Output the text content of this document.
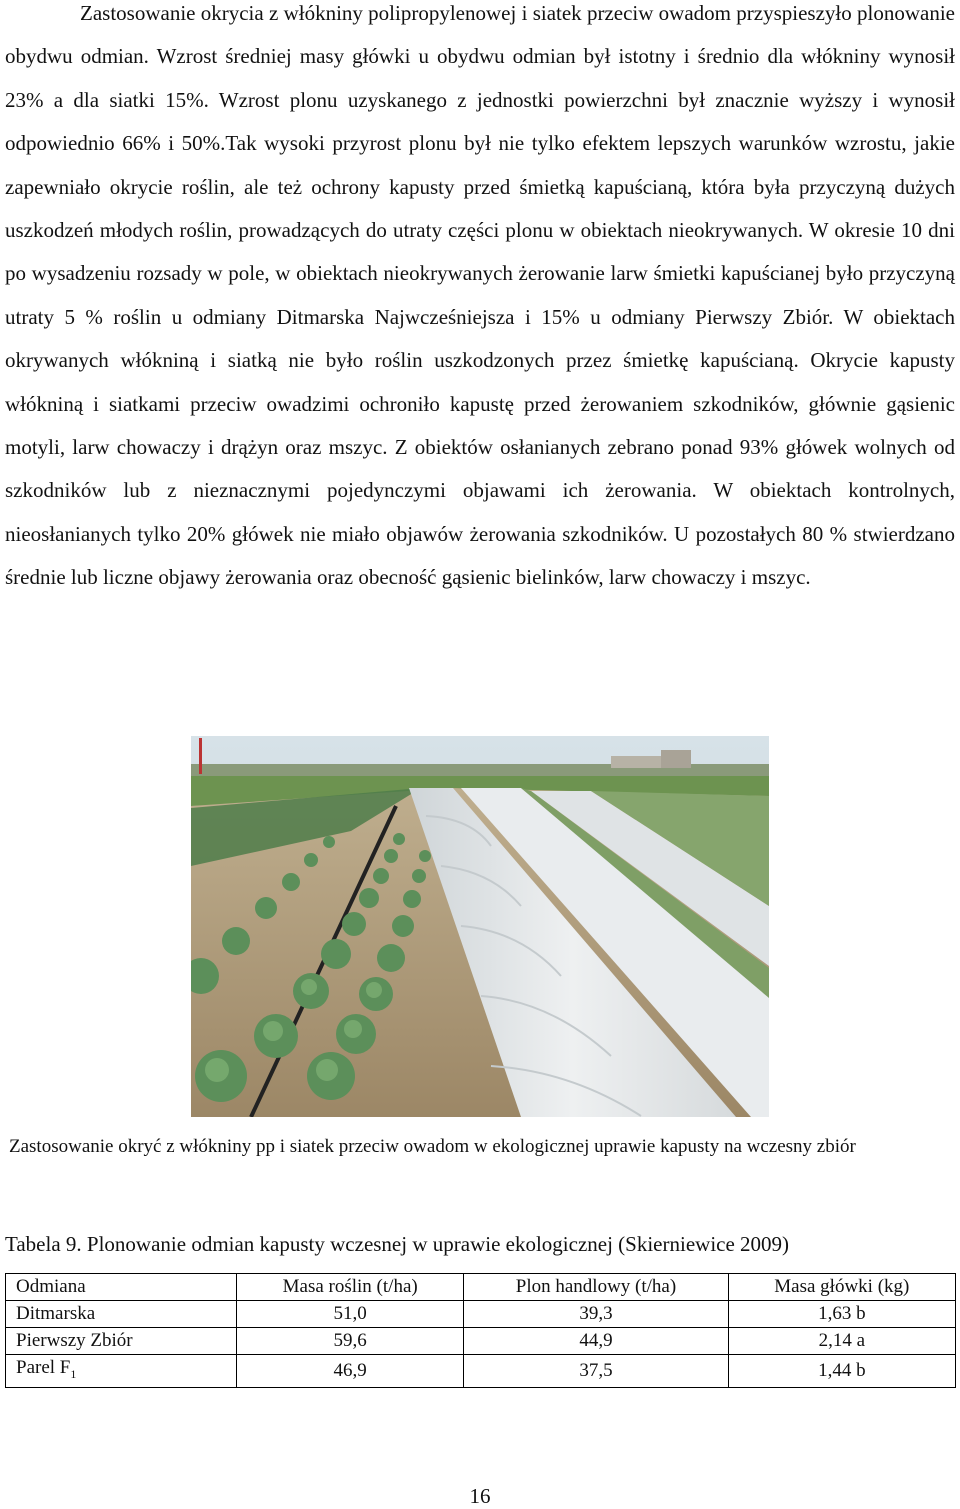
Zastosowanie okrycia z włókniny polipropylenowej i siatek przeciw owadom przyspieszyło plonowanie obydwu odmian. Wzrost średniej masy główki u obydwu odmian był istotny i średnio dla włókniny wynosił 23% a dla siatki 15%. Wzrost plonu uzyskanego z jednostki powierzchni był znacznie wyższy i wynosił odpowiednio 66% i 50%.Tak wysoki przyrost plonu był nie tylko efektem lepszych warunków wzrostu, jakie zapewniało okrycie roślin, ale też ochrony kapusty przed śmietką kapuścianą, która była przyczyną dużych uszkodzeń młodych roślin, prowadzących do utraty części plonu w obiektach nieokrywanych. W okresie 10 dni po wysadzeniu rozsady w pole, w obiektach nieokrywanych żerowanie larw śmietki kapuścianej było przyczyną utraty 5 % roślin u odmiany Ditmarska Najwcześniejsza i 15% u odmiany Pierwszy Zbiór. W obiektach okrywanych włókniną i siatką nie było roślin uszkodzonych przez śmietkę kapuścianą. Okrycie kapusty włókniną i siatkami przeciw owadzimi ochroniło kapustę przed żerowaniem szkodników, głównie gąsienic motyli, larw chowaczy i drążyn oraz mszyc. Z obiektów osłanianych zebrano ponad 93% główek wolnych od szkodników lub z nieznacznymi pojedynczymi objawami ich żerowania. W obiektach kontrolnych, nieosłanianych tylko 20% główek nie miało objawów żerowania szkodników. U pozostałych 80 % stwierdzano średnie lub liczne objawy żerowania oraz obecność gąsienic bielinków, larw chowaczy i mszyc.

Zastosowanie okryć z włókniny pp i siatek przeciw owadom w ekologicznej uprawie kapusty na wczesny zbiór

Tabela 9. Plonowanie odmian kapusty wczesnej w uprawie ekologicznej (Skierniewice 2009)

Odmiana	Masa roślin (t/ha)	Plon handlowy (t/ha)	Masa główki (kg)
Ditmarska	51,0	39,3	1,63 b
Pierwszy Zbiór	59,6	44,9	2,14 a
Parel $F_1$	46,9	37,5	1,44 b
16
